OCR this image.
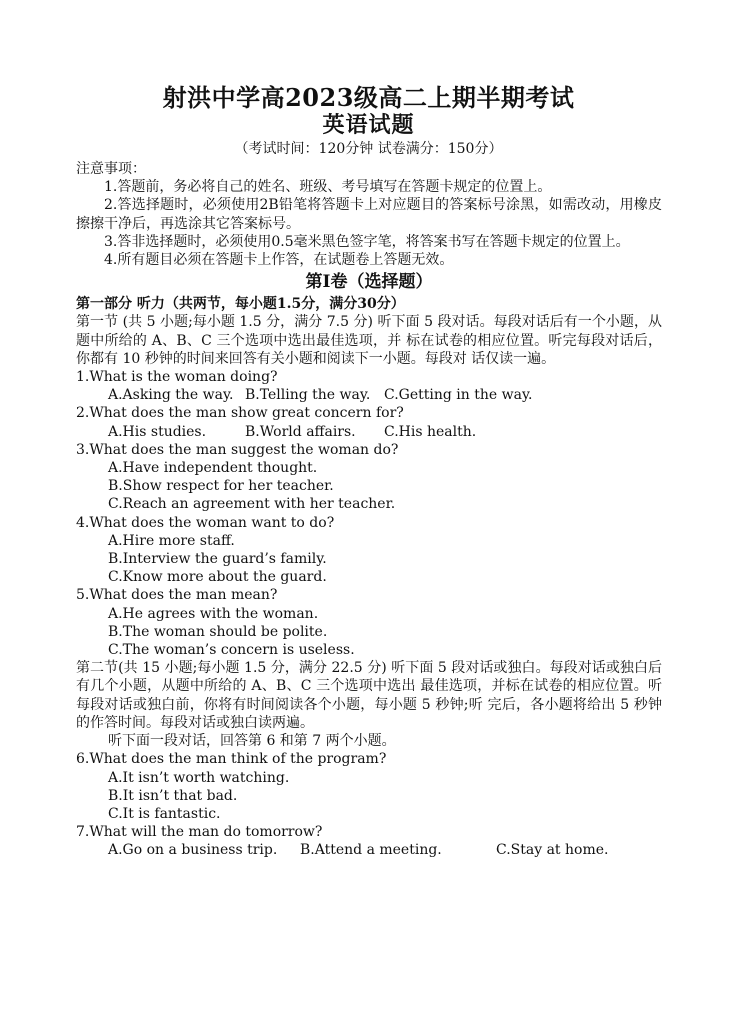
射洪中学高2023级高二上期半期考试
英语试题
（考试时间：120分钟 试卷满分：150分）
注意事项：
1.答题前，务必将自己的姓名、班级、考号填写在答题卡规定的位置上。
2.答选择题时，必须使用2B铅笔将答题卡上对应题目的答案标号涂黑，如需改动，用橡皮擦擦干净后，再选涂其它答案标号。
3.答非选择题时，必须使用0.5毫米黑色签字笔，将答案书写在答题卡规定的位置上。
4.所有题目必须在答题卡上作答，在试题卷上答题无效。
第I卷（选择题）
第一部分 听力（共两节，每小题1.5分，满分30分）
第一节 (共 5 小题;每小题 1.5 分，满分 7.5 分) 听下面 5 段对话。每段对话后有一个小题，从题中所给的 A、B、C 三个选项中选出最佳选项，并 标在试卷的相应位置。听完每段对话后，你都有 10 秒钟的时间来回答有关小题和阅读下一小题。每段对 话仅读一遍。
1.What is the woman doing?
A.Asking the way. B.Telling the way. C.Getting in the way.
2.What does the man show great concern for?
A.His studies.	B.World affairs.	C.His health.
3.What does the man suggest the woman do?
A.Have independent thought.
B.Show respect for her teacher.
C.Reach an agreement with her teacher.
4.What does the woman want to do?
A.Hire more staff.
B.Interview the guard’s family.
C.Know more about the guard.
5.What does the man mean?
A.He agrees with the woman.
B.The woman should be polite.
C.The woman’s concern is useless.
第二节(共 15 小题;每小题 1.5 分，满分 22.5 分) 听下面 5 段对话或独白。每段对话或独白后有几个小题，从题中所给的 A、B、C 三个选项中选出 最佳选项，并标在试卷的相应位置。听每段对话或独白前，你将有时间阅读各个小题，每小题 5 秒钟;听 完后，各小题将给出 5 秒钟的作答时间。每段对话或独白读两遍。
听下面一段对话，回答第 6 和第 7 两个小题。
6.What does the man think of the program?
A.It isn’t worth watching.
B.It isn’t that bad.
C.It is fantastic.
7.What will the man do tomorrow?
A.Go on a business trip.	B.Attend a meeting.	C.Stay at home.
